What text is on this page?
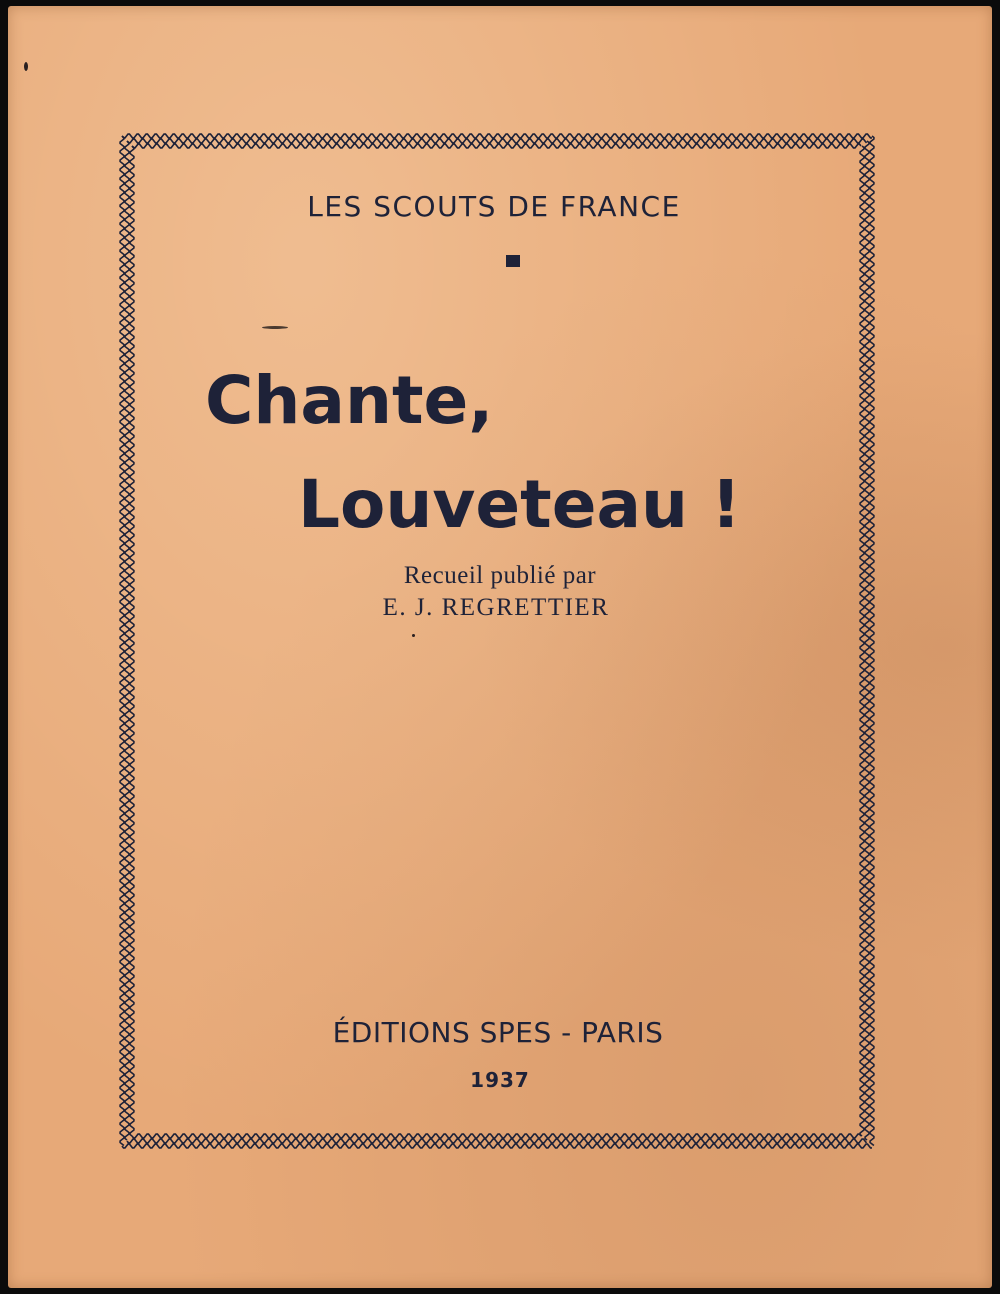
LES SCOUTS DE FRANCE
Chante,
Louveteau !
Recueil publié par
E. J. REGRETTIER
ÉDITIONS SPES - PARIS
1937
